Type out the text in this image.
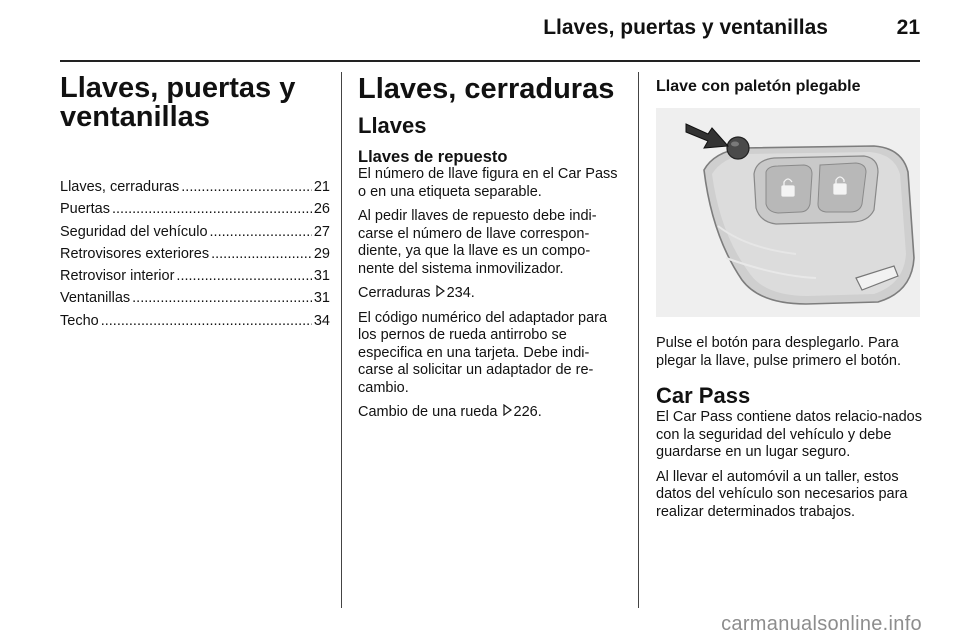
Llaves, puertas y ventanillas	21
Llaves, puertas y
ventanillas
Llaves, cerraduras .....	21
Puertas .....	26
Seguridad del vehículo .....	27
Retrovisores exteriores .....	29
Retrovisor interior .....	31
Ventanillas .....	31
Techo .....	34
Llaves, cerraduras
Llaves
Llaves de repuesto

El número de llave figura en el Car Pass o en una etiqueta separable.

Al pedir llaves de repuesto debe indi-carse el número de llave correspon-diente, ya que la llave es un compo-nente del sistema inmovilizador.

Cerraduras 234.

El código numérico del adaptador para los pernos de rueda antirrobo se especifica en una tarjeta. Debe indi-carse al solicitar un adaptador de re-cambio.

Cambio de una rueda 226.

Llave con paletón plegable

Pulse el botón para desplegarlo. Para plegar la llave, pulse primero el botón.

Car Pass

El Car Pass contiene datos relacio-nados con la seguridad del vehículo y debe guardarse en un lugar seguro.

Al llevar el automóvil a un taller, estos datos del vehículo son necesarios para realizar determinados trabajos.

carmanualsonline.info
